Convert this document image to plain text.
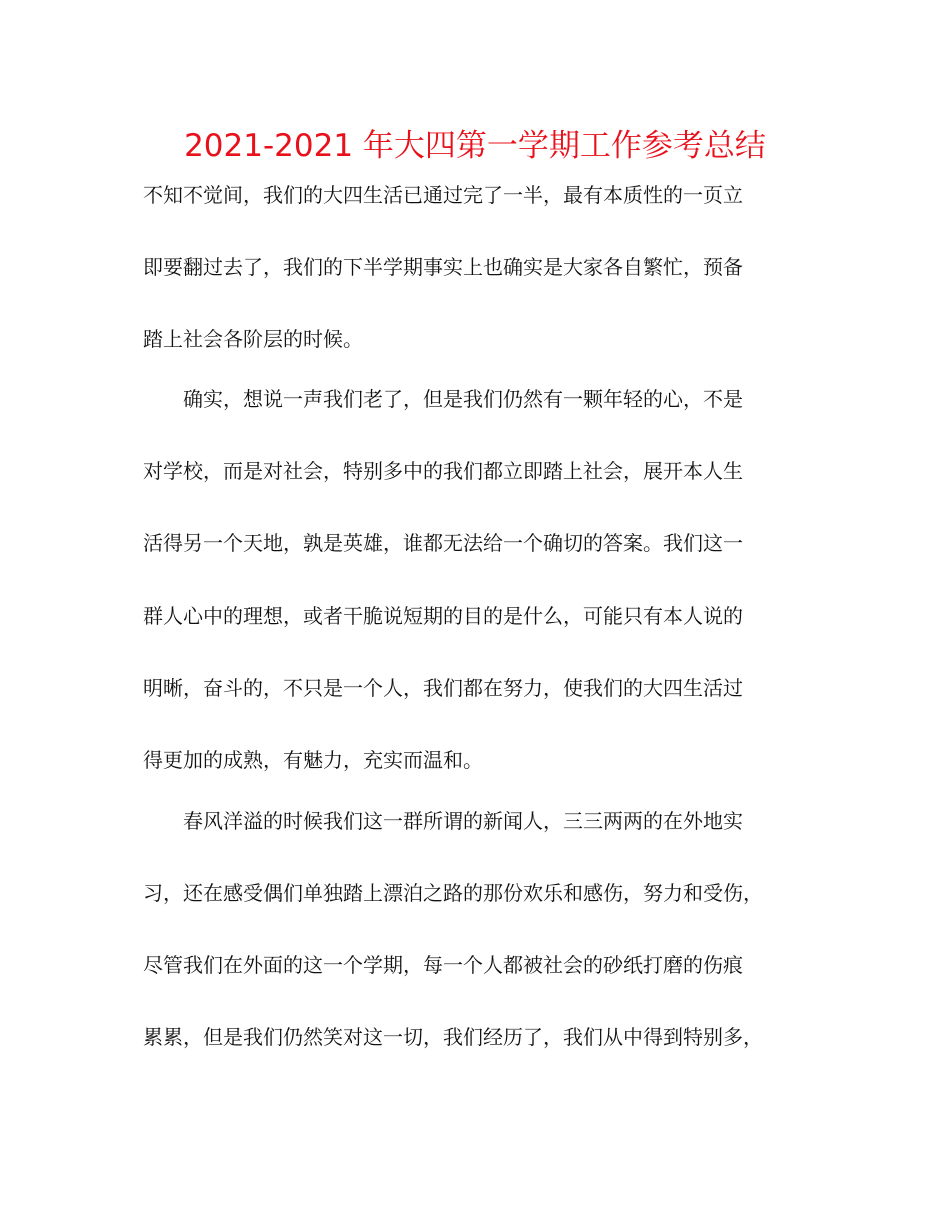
2021-2021 年大四第一学期工作参考总结

不知不觉间，我们的大四生活已通过完了一半，最有本质性的一页立

即要翻过去了，我们的下半学期事实上也确实是大家各自繁忙，预备

踏上社会各阶层的时候。

确实，想说一声我们老了，但是我们仍然有一颗年轻的心，不是

对学校，而是对社会，特别多中的我们都立即踏上社会，展开本人生

活得另一个天地，孰是英雄，谁都无法给一个确切的答案。我们这一

群人心中的理想，或者干脆说短期的目的是什么，可能只有本人说的

明晰，奋斗的，不只是一个人，我们都在努力，使我们的大四生活过

得更加的成熟，有魅力，充实而温和。

春风洋溢的时候我们这一群所谓的新闻人，三三两两的在外地实

习，还在感受偶们单独踏上漂泊之路的那份欢乐和感伤，努力和受伤，

尽管我们在外面的这一个学期，每一个人都被社会的砂纸打磨的伤痕

累累，但是我们仍然笑对这一切，我们经历了，我们从中得到特别多，
